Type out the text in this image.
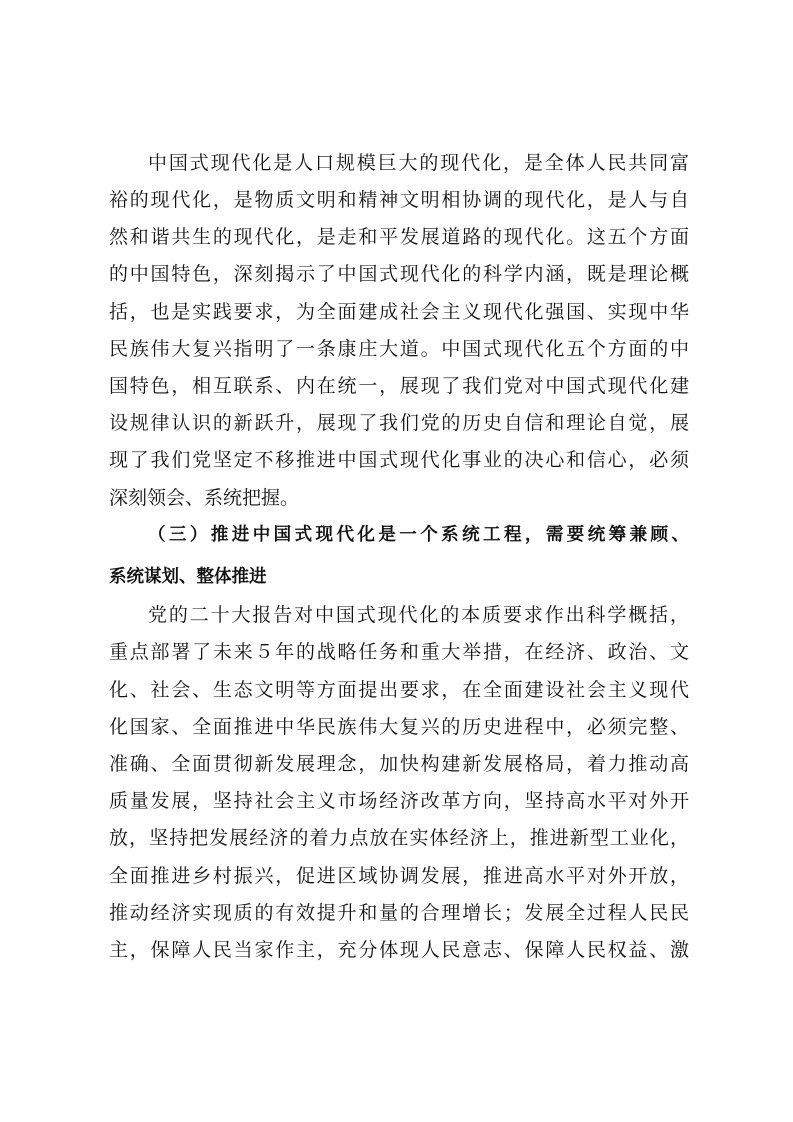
中国式现代化是人口规模巨大的现代化，是全体人民共同富
裕的现代化，是物质文明和精神文明相协调的现代化，是人与自
然和谐共生的现代化，是走和平发展道路的现代化。这五个方面
的中国特色，深刻揭示了中国式现代化的科学内涵，既是理论概
括，也是实践要求，为全面建成社会主义现代化强国、实现中华
民族伟大复兴指明了一条康庄大道。中国式现代化五个方面的中
国特色，相互联系、内在统一，展现了我们党对中国式现代化建
设规律认识的新跃升，展现了我们党的历史自信和理论自觉，展
现了我们党坚定不移推进中国式现代化事业的决心和信心，必须
深刻领会、系统把握。
（三）推进中国式现代化是一个系统工程，需要统筹兼顾、
系统谋划、整体推进
党的二十大报告对中国式现代化的本质要求作出科学概括，
重点部署了未来５年的战略任务和重大举措，在经济、政治、文
化、社会、生态文明等方面提出要求，在全面建设社会主义现代
化国家、全面推进中华民族伟大复兴的历史进程中，必须完整、
准确、全面贯彻新发展理念，加快构建新发展格局，着力推动高
质量发展，坚持社会主义市场经济改革方向，坚持高水平对外开
放，坚持把发展经济的着力点放在实体经济上，推进新型工业化，
全面推进乡村振兴，促进区域协调发展，推进高水平对外开放，
推动经济实现质的有效提升和量的合理增长；发展全过程人民民
主，保障人民当家作主，充分体现人民意志、保障人民权益、激
